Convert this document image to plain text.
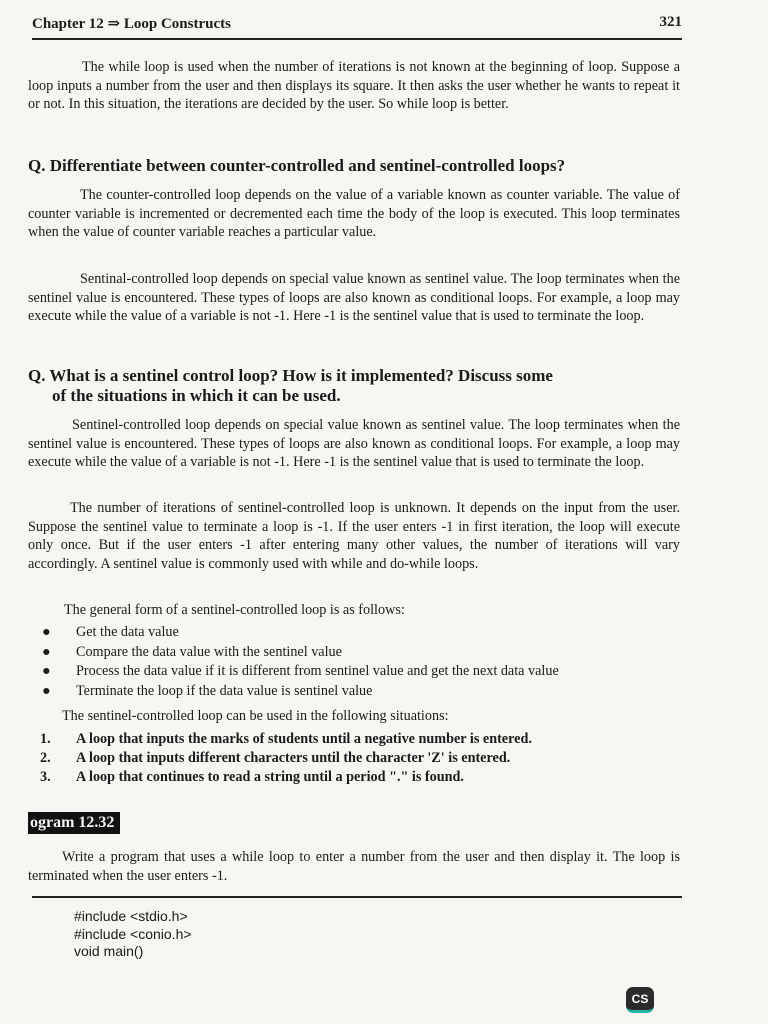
Chapter 12 ⇒ Loop Constructs	321
The while loop is used when the number of iterations is not known at the beginning of loop. Suppose a loop inputs a number from the user and then displays its square. It then asks the user whether he wants to repeat it or not. In this situation, the iterations are decided by the user. So while loop is better.
Q. Differentiate between counter-controlled and sentinel-controlled loops?
The counter-controlled loop depends on the value of a variable known as counter variable. The value of counter variable is incremented or decremented each time the body of the loop is executed. This loop terminates when the value of counter variable reaches a particular value.
Sentinal-controlled loop depends on special value known as sentinel value. The loop terminates when the sentinel value is encountered. These types of loops are also known as conditional loops. For example, a loop may execute while the value of a variable is not -1. Here -1 is the sentinel value that is used to terminate the loop.
Q. What is a sentinel control loop? How is it implemented? Discuss some
of the situations in which it can be used.
Sentinel-controlled loop depends on special value known as sentinel value. The loop terminates when the sentinel value is encountered. These types of loops are also known as conditional loops. For example, a loop may execute while the value of a variable is not -1. Here -1 is the sentinel value that is used to terminate the loop.
The number of iterations of sentinel-controlled loop is unknown. It depends on the input from the user. Suppose the sentinel value to terminate a loop is -1. If the user enters -1 in first iteration, the loop will execute only once. But if the user enters -1 after entering many other values, the number of iterations will vary accordingly. A sentinel value is commonly used with while and do-while loops.
The general form of a sentinel-controlled loop is as follows:
● Get the data value
● Compare the data value with the sentinel value
● Process the data value if it is different from sentinel value and get the next data value
● Terminate the loop if the data value is sentinel value
The sentinel-controlled loop can be used in the following situations:
1. A loop that inputs the marks of students until a negative number is entered.
2. A loop that inputs different characters until the character 'Z' is entered.
3. A loop that continues to read a string until a period "." is found.
ogram 12.32
Write a program that uses a while loop to enter a number from the user and then display it. The loop is terminated when the user enters -1.
#include <stdio.h>
#include <conio.h>
void main()
CS
